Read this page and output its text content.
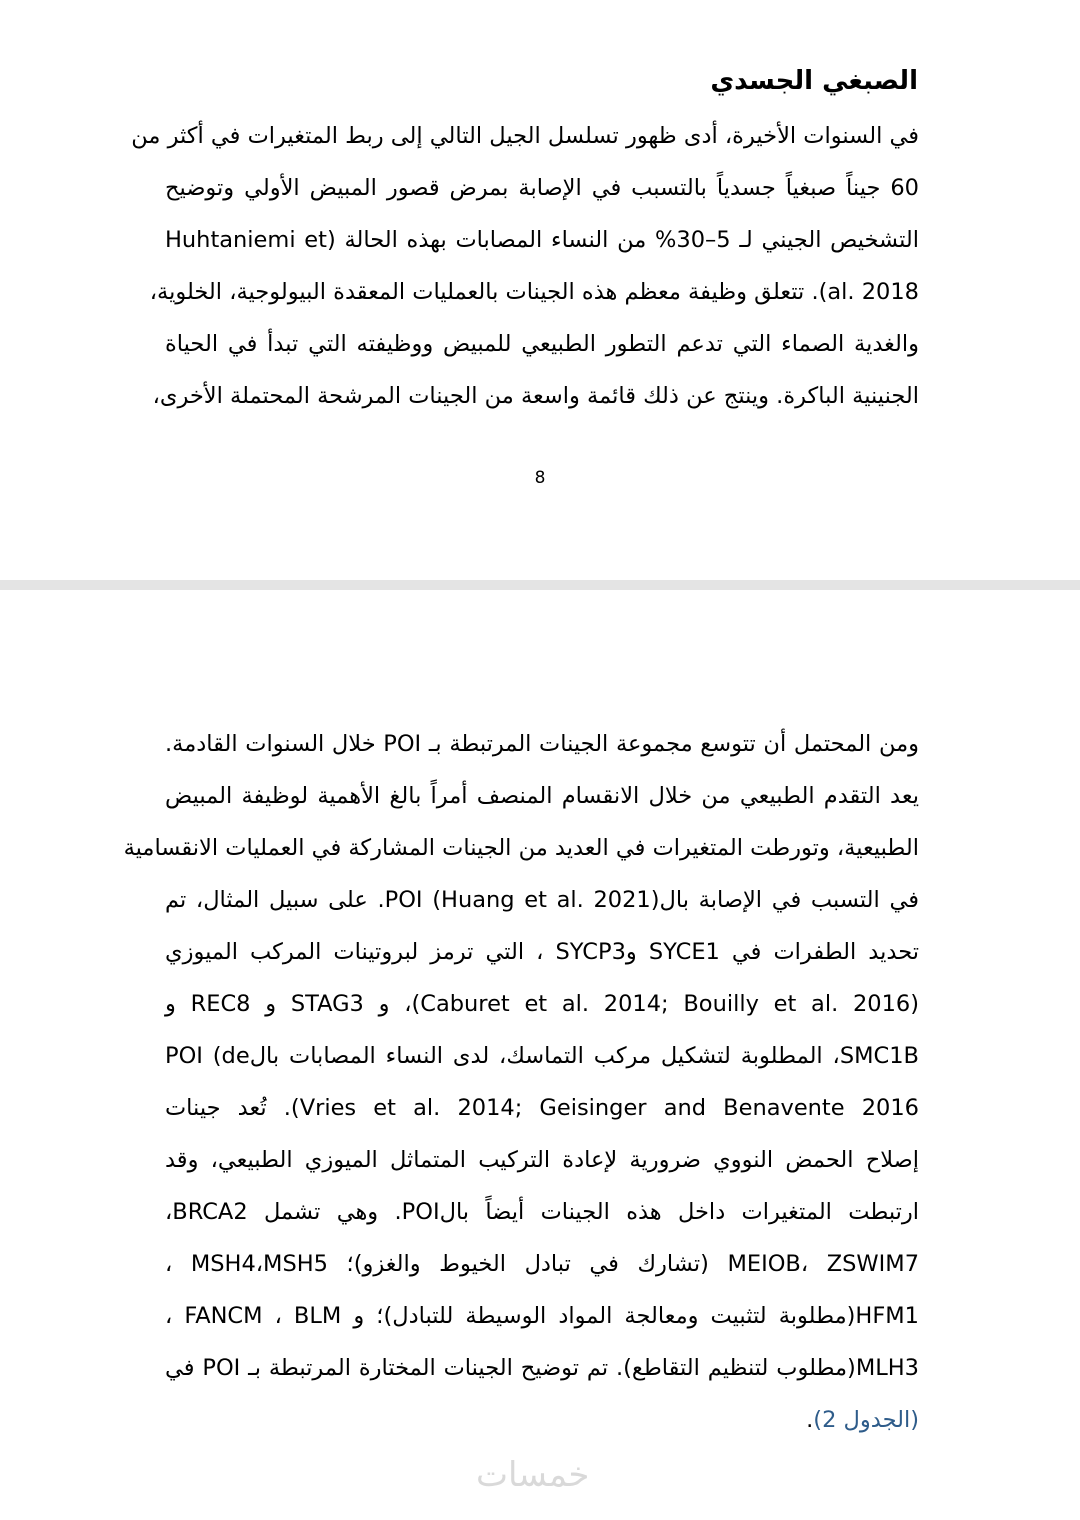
الصبغي الجسدي
في السنوات الأخيرة، أدى ظهور تسلسل الجيل التالي إلى ربط المتغيرات في أكثر من
60 جيناً صبغياً جسدياً بالتسبب في الإصابة بمرض قصور المبيض الأولي وتوضيح
التشخيص الجيني لـ 5–30% من النساء المصابات بهذه الحالة (Huhtaniemi et
al. 2018). تتعلق وظيفة معظم هذه الجينات بالعمليات المعقدة البيولوجية، الخلوية،
والغدية الصماء التي تدعم التطور الطبيعي للمبيض ووظيفته التي تبدأ في الحياة
الجنينية الباكرة. وينتج عن ذلك قائمة واسعة من الجينات المرشحة المحتملة الأخرى،
8
ومن المحتمل أن تتوسع مجموعة الجينات المرتبطة بـ POI خلال السنوات القادمة.
يعد التقدم الطبيعي من خلال الانقسام المنصف أمراً بالغ الأهمية لوظيفة المبيض
الطبيعية، وتورطت المتغيرات في العديد من الجينات المشاركة في العمليات الانقسامية
في التسبب في الإصابة بالPOI (Huang et al. 2021). على سبيل المثال، تم
تحديد الطفرات في SYCE1 وSYCP3 ، التي ترمز لبروتينات المركب الميوزي
(Caburet et al. 2014; Bouilly et al. 2016)، و STAG3 و REC8 و
SMC1B، المطلوبة لتشكيل مركب التماسك، لدى النساء المصابات بالPOI (de
Vries et al. 2014; Geisinger and Benavente 2016). تُعد جينات
إصلاح الحمض النووي ضرورية لإعادة التركيب المتماثل الميوزي الطبيعي، وقد
ارتبطت المتغيرات داخل هذه الجينات أيضاً بالPOI. وهي تشمل BRCA2،
MEIOB، ZSWIM7 (تشارك في تبادل الخيوط والغزو)؛ MSH4،MSH5 ،
HFM1(مطلوبة لتثبيت ومعالجة المواد الوسيطة للتبادل)؛ و FANCM ، BLM ،
MLH3(مطلوب لتنظيم التقاطع). تم توضيح الجينات المختارة المرتبطة بـ POI في
(الجدول 2).
خمسات
